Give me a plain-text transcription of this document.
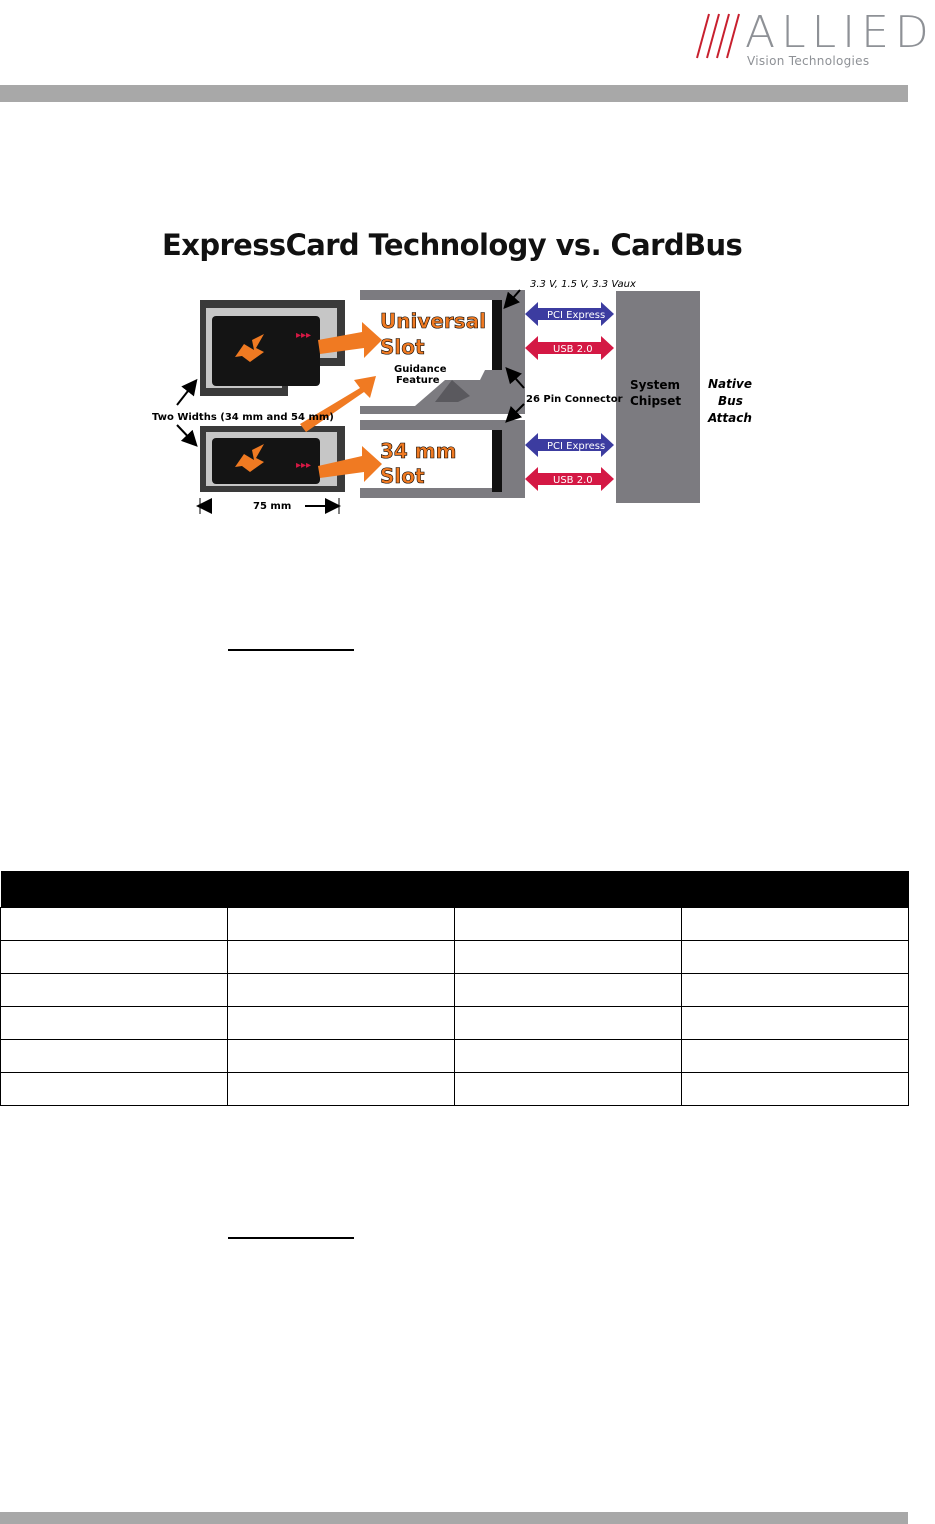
ALLIED
Vision Technologies
▸▸▸
▸▸▸
3.3 V, 1.5 V, 3.3 Vaux
Universal
Slot
Guidance
Feature
26 Pin Connector
Two Widths (34 mm and 54 mm)
34 mm
Slot
75 mm
PCI Express
USB 2.0
PCI Express
USB 2.0
System
Chipset
Native
Bus
Attach
ExpressCard Technology vs. CardBus
